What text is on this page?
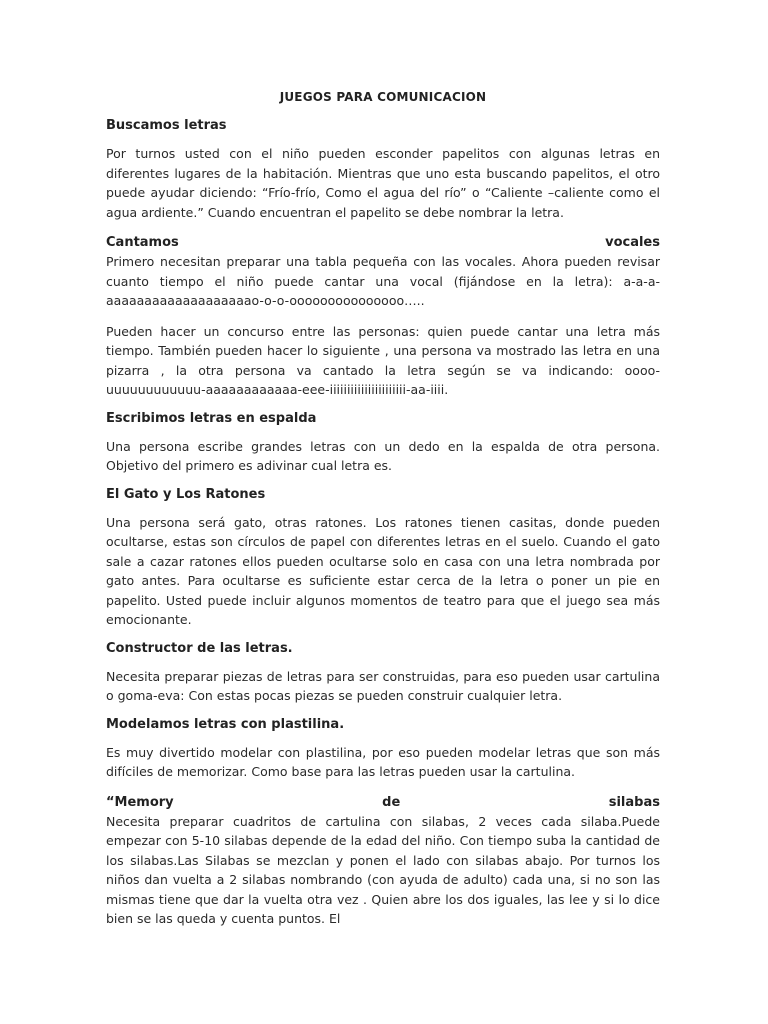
JUEGOS PARA COMUNICACION
Buscamos letras

Por turnos usted con el niño pueden esconder papelitos con algunas letras en diferentes lugares de la habitación. Mientras que uno esta buscando papelitos, el otro puede ayudar diciendo: “Frío-frío, Como el agua del río” o “Caliente –caliente como el agua ardiente.” Cuando encuentran el papelito se debe nombrar la letra.

Cantamos	vocales

Primero necesitan preparar una tabla pequeña con las vocales. Ahora pueden revisar cuanto tiempo el niño puede cantar una vocal (fijándose en la letra): a-a-a-aaaaaaaaaaaaaaaaaaao-o-o-ooooooooooooooo…..

Pueden hacer un concurso entre las personas: quien puede cantar una letra más tiempo. También pueden hacer lo siguiente , una persona va mostrado las letra en una pizarra , la otra persona va cantado la letra según se va indicando: oooo-uuuuuuuuuuuu-aaaaaaaaaaaa-eee-iiiiiiiiiiiiiiiiiiiiii-aa-iiii.

Escribimos letras en espalda

Una persona escribe grandes letras con un dedo en la espalda de otra persona. Objetivo del primero es adivinar cual letra es.

El Gato y Los Ratones

Una persona será gato, otras ratones. Los ratones tienen casitas, donde pueden ocultarse, estas son círculos de papel con diferentes letras en el suelo. Cuando el gato sale a cazar ratones ellos pueden ocultarse solo en casa con una letra nombrada por gato antes. Para ocultarse es suficiente estar cerca de la letra o poner un pie en papelito. Usted puede incluir algunos momentos de teatro para que el juego sea más emocionante.

Constructor de las letras.

Necesita preparar piezas de letras para ser construidas, para eso pueden usar cartulina o goma-eva: Con estas pocas piezas se pueden construir cualquier letra.

Modelamos letras con plastilina.

Es muy divertido modelar con plastilina, por eso pueden modelar letras que son más difíciles de memorizar. Como base para las letras pueden usar la cartulina.

“Memory	de	silabas

Necesita preparar cuadritos de cartulina con silabas, 2 veces cada silaba.Puede empezar con 5-10 silabas depende de la edad del niño. Con tiempo suba la cantidad de los silabas.Las Silabas se mezclan y ponen el lado con silabas abajo. Por turnos los niños dan vuelta a 2 silabas nombrando (con ayuda de adulto) cada una, si no son las mismas tiene que dar la vuelta otra vez . Quien abre los dos iguales, las lee y si lo dice bien se las queda y cuenta puntos. El
